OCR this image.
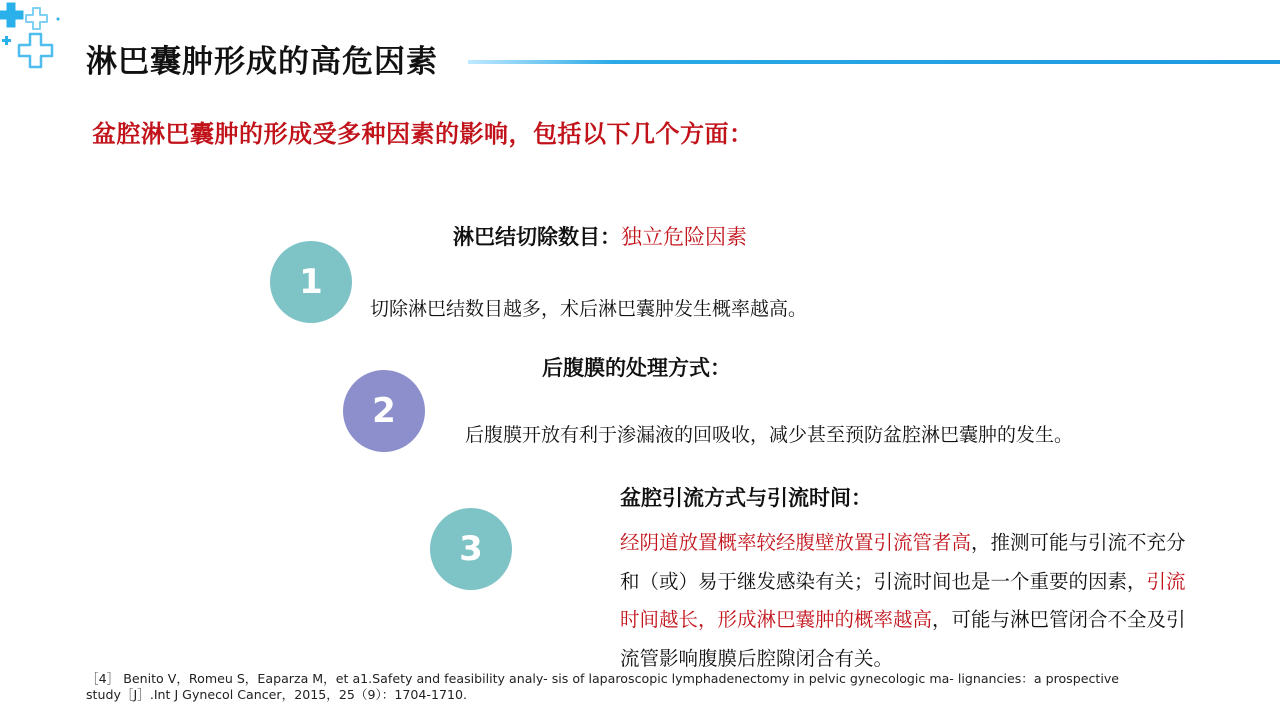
淋巴囊肿形成的高危因素
盆腔淋巴囊肿的形成受多种因素的影响，包括以下几个方面：
1
淋巴结切除数目：独立危险因素
切除淋巴结数目越多，术后淋巴囊肿发生概率越高。
2
后腹膜的处理方式：
后腹膜开放有利于渗漏液的回吸收，减少甚至预防盆腔淋巴囊肿的发生。
3
盆腔引流方式与引流时间：
经阴道放置概率较经腹壁放置引流管者高，推测可能与引流不充分
和（或）易于继发感染有关；引流时间也是一个重要的因素，引流
时间越长，形成淋巴囊肿的概率越高，可能与淋巴管闭合不全及引
流管影响腹膜后腔隙闭合有关。
［4］ Benito V，Romeu S，Eaparza M，et a1.Safety and feasibility analy- sis of laparoscopic lymphadenectomy in pelvic gynecologic ma- lignancies：a prospective
study［J］.Int J Gynecol Cancer，2015，25（9）：1704-1710.
